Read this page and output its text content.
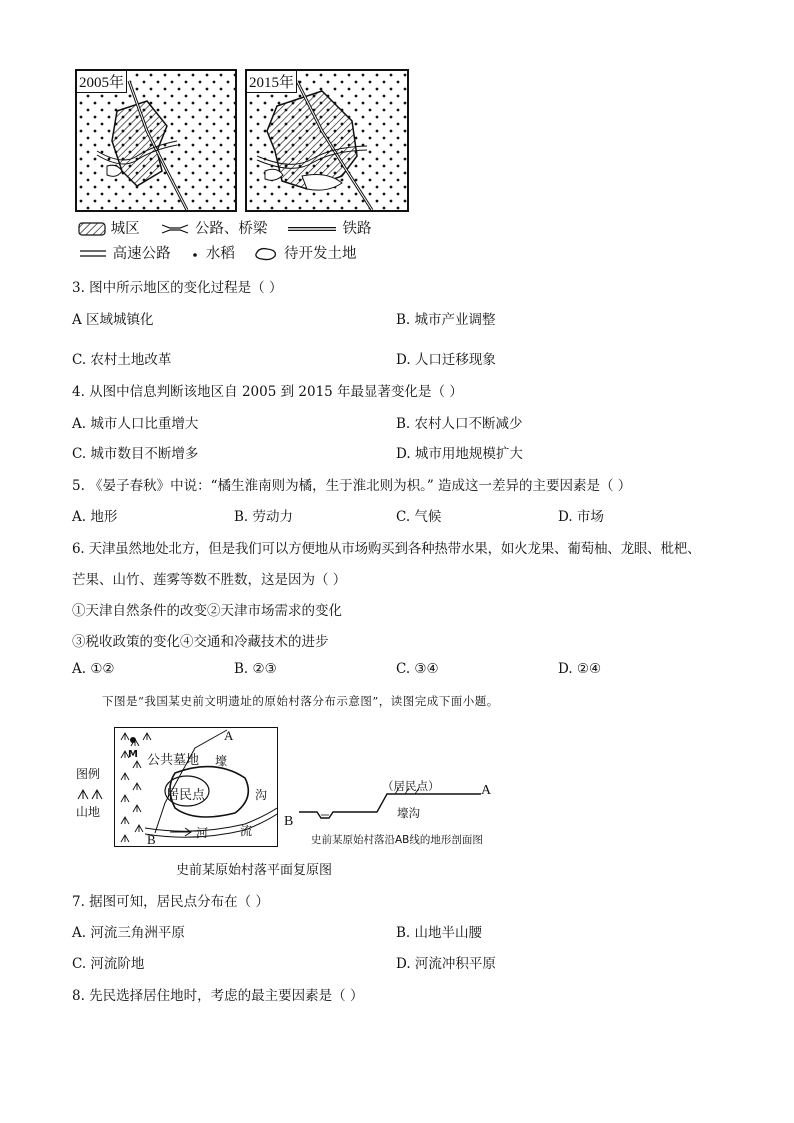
2005年	2015年
城区	公路、桥梁	铁路
高速公路 水稻	待开发土地
3. 图中所示地区的变化过程是（ ）
A 区域城镇化	B. 城市产业调整
C. 农村土地改革	D. 人口迁移现象
4. 从图中信息判断该地区自 2005 到 2015 年最显著变化是（ ）
A. 城市人口比重增大	B. 农村人口不断减少
C. 城市数目不断增多	D. 城市用地规模扩大
5. 《晏子春秋》中说：“橘生淮南则为橘，生于淮北则为枳。” 造成这一差异的主要因素是（ ）
A. 地形	B. 劳动力	C. 气候	D. 市场
6. 天津虽然地处北方，但是我们可以方便地从市场购买到各种热带水果，如火龙果、葡萄柚、龙眼、枇杷、
芒果、山竹、莲雾等数不胜数，这是因为（ ）
①天津自然条件的改变②天津市场需求的变化
③税收政策的变化④交通和冷藏技术的进步
A. ①②	B. ②③	C. ③④	D. ②④
下图是“我国某史前文明遗址的原始村落分布示意图”，读图完成下面小题。
图例
山地
M 公共墓地
A
壕
居民点	沟
河	流
B
史前某原始村落平面复原图
（居民点）	A
B
壕沟
史前某原始村落沿AB线的地形剖面图
7. 据图可知，居民点分布在（ ）
A. 河流三角洲平原	B. 山地半山腰
C. 河流阶地	D. 河流冲积平原
8. 先民选择居住地时，考虑的最主要因素是（ ）
